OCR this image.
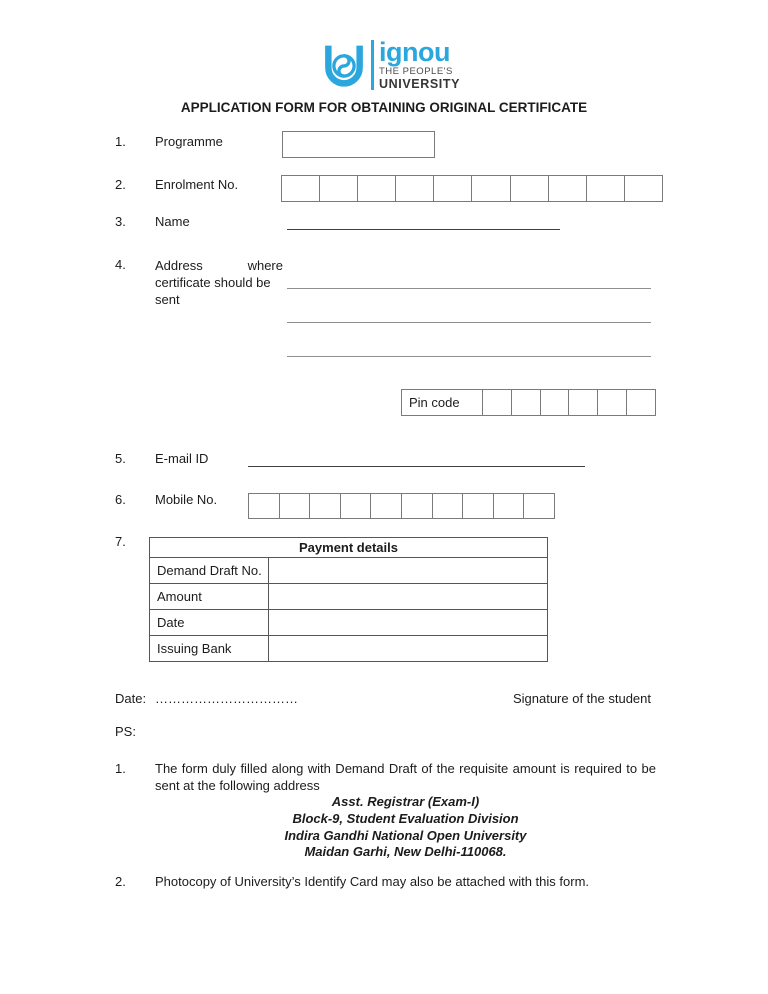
ignou
THE PEOPLE'S
UNIVERSITY
APPLICATION FORM FOR OBTAINING ORIGINAL CERTIFICATE
1. Programme
2. Enrolment No.
3. Name
4. Address	where
certificate should be
sent
Pin code
5. E-mail ID
6. Mobile No.
7.	Payment details
Demand Draft No.
Amount
Date
Issuing Bank
Date: ……………………………	Signature of the student
PS:
1. The form duly filled along with Demand Draft of the requisite amount is required to be sent at the following address
Asst. Registrar (Exam-I)
Block-9, Student Evaluation Division
Indira Gandhi National Open University
Maidan Garhi, New Delhi-110068.
2. Photocopy of University’s Identify Card may also be attached with this form.
